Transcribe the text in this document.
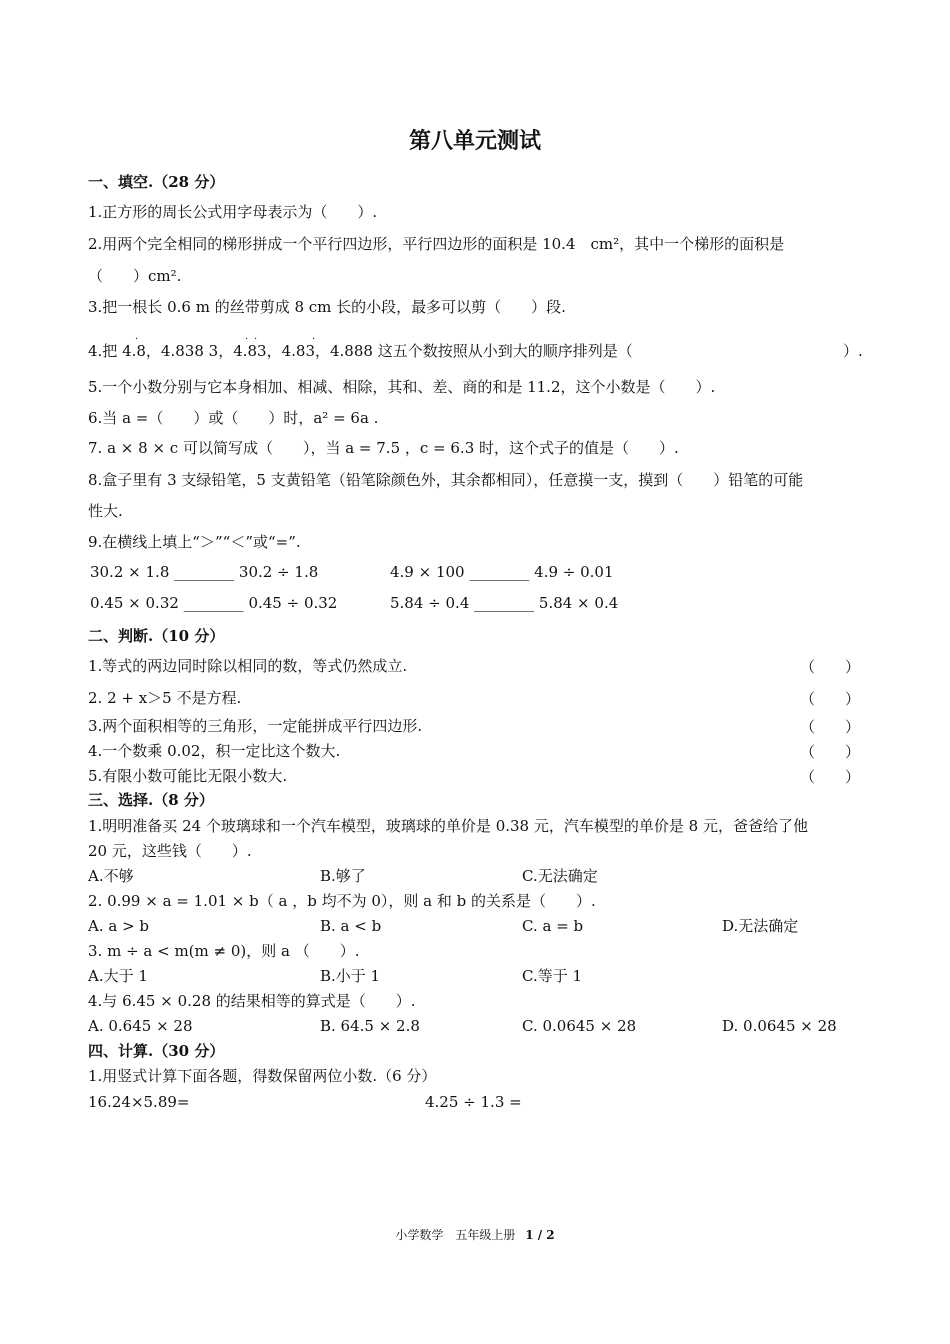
第八单元测试
一、填空.（28 分）
1.正方形的周长公式用字母表示为（　　）.
2.用两个完全相同的梯形拼成一个平行四边形，平行四边形的面积是 10.4　cm²，其中一个梯形的面积是
（　　）cm².
3.把一根长 0.6 m 的丝带剪成 8 cm 长的小段，最多可以剪（　　）段.
·	· ·	·
4.把 4.8，4.838 3，4.83，4.83，4.888 这五个数按照从小到大的顺序排列是（	）.
5.一个小数分别与它本身相加、相减、相除，其和、差、商的和是 11.2，这个小数是（　　）.
6.当 a =（　　）或（　　）时，a² = 6a .
7. a × 8 × c 可以简写成（　　），当 a = 7.5 ，c = 6.3 时，这个式子的值是（　　）.
8.盒子里有 3 支绿铅笔，5 支黄铅笔（铅笔除颜色外，其余都相同），任意摸一支，摸到（　　）铅笔的可能
性大.
9.在横线上填上“＞”“＜”或“=”.
30.2 × 1.8 ________ 30.2 ÷ 1.8	4.9 × 100 ________ 4.9 ÷ 0.01
0.45 × 0.32 ________ 0.45 ÷ 0.32	5.84 ÷ 0.4 ________ 5.84 × 0.4
二、判断.（10 分）
1.等式的两边同时除以相同的数，等式仍然成立.	（　　）
2. 2 + x＞5 不是方程.	（　　）
3.两个面积相等的三角形，一定能拼成平行四边形.	（　　）
4.一个数乘 0.02，积一定比这个数大.	（　　）
5.有限小数可能比无限小数大.	（　　）
三、选择.（8 分）
1.明明准备买 24 个玻璃球和一个汽车模型，玻璃球的单价是 0.38 元，汽车模型的单价是 8 元，爸爸给了他
20 元，这些钱（　　）.
A.不够	B.够了	C.无法确定
2. 0.99 × a = 1.01 × b（ a ，b 均不为 0），则 a 和 b 的关系是（　　）.
A. a > b	B. a < b	C. a = b	D.无法确定
3. m ÷ a < m(m ≠ 0)，则 a （　　）.
A.大于 1	B.小于 1	C.等于 1
4.与 6.45 × 0.28 的结果相等的算式是（　　）.
A. 0.645 × 28	B. 64.5 × 2.8	C. 0.0645 × 28	D. 0.0645 × 28
四、计算.（30 分）
1.用竖式计算下面各题，得数保留两位小数.（6 分）
16.24×5.89=	4.25 ÷ 1.3 =
小学数学　五年级上册 1 / 2
